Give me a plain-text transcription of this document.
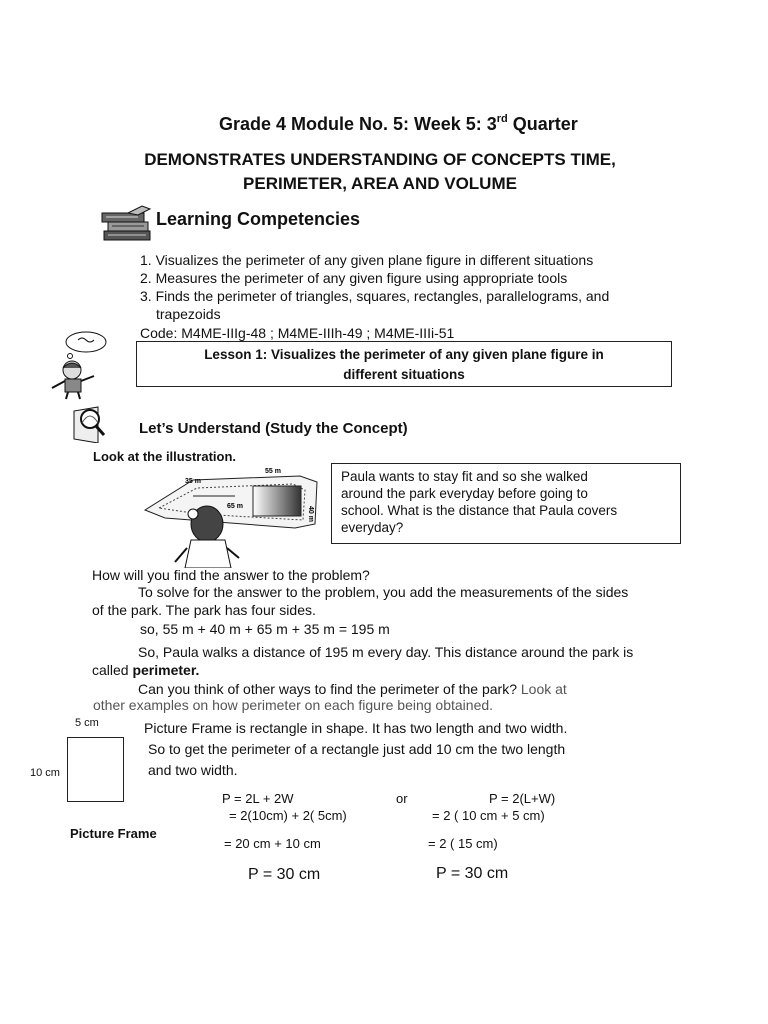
Grade 4 Module No. 5: Week 5: 3rd Quarter
DEMONSTRATES UNDERSTANDING OF CONCEPTS TIME,
PERIMETER, AREA AND VOLUME
Learning Competencies
1. Visualizes the perimeter of any given plane figure in different situations
2. Measures the perimeter of any given figure using appropriate tools
3. Finds the perimeter of triangles, squares, rectangles, parallelograms, and
trapezoids
Code: M4ME-IIIg-48 ; M4ME-IIIh-49 ; M4ME-IIIi-51
Lesson 1: Visualizes the perimeter of any given plane figure in
different situations
Let’s Understand (Study the Concept)
Look at the illustration.
35 m
55 m
65 m	40 m
Paula wants to stay fit and so she walked
around the park everyday before going to
school. What is the distance that Paula covers
everyday?
How will you find the answer to the problem?
To solve for the answer to the problem, you add the measurements of the sides
of the park. The park has four sides.
so, 55 m + 40 m + 65 m + 35 m = 195 m
So, Paula walks a distance of 195 m every day. This distance around the park is
called perimeter.
Can you think of other ways to find the perimeter of the park? Look at
other examples on how perimeter on each figure being obtained.
5 cm
10 cm
Picture Frame
Picture Frame is rectangle in shape. It has two length and two width.
So to get the perimeter of a rectangle just add 10 cm the two length
and two width.
P = 2L + 2W
= 2(10cm) + 2( 5cm)
= 20 cm + 10 cm
P = 30 cm
or	P = 2(L+W)
= 2 ( 10 cm + 5 cm)
= 2 ( 15 cm)
P = 30 cm
